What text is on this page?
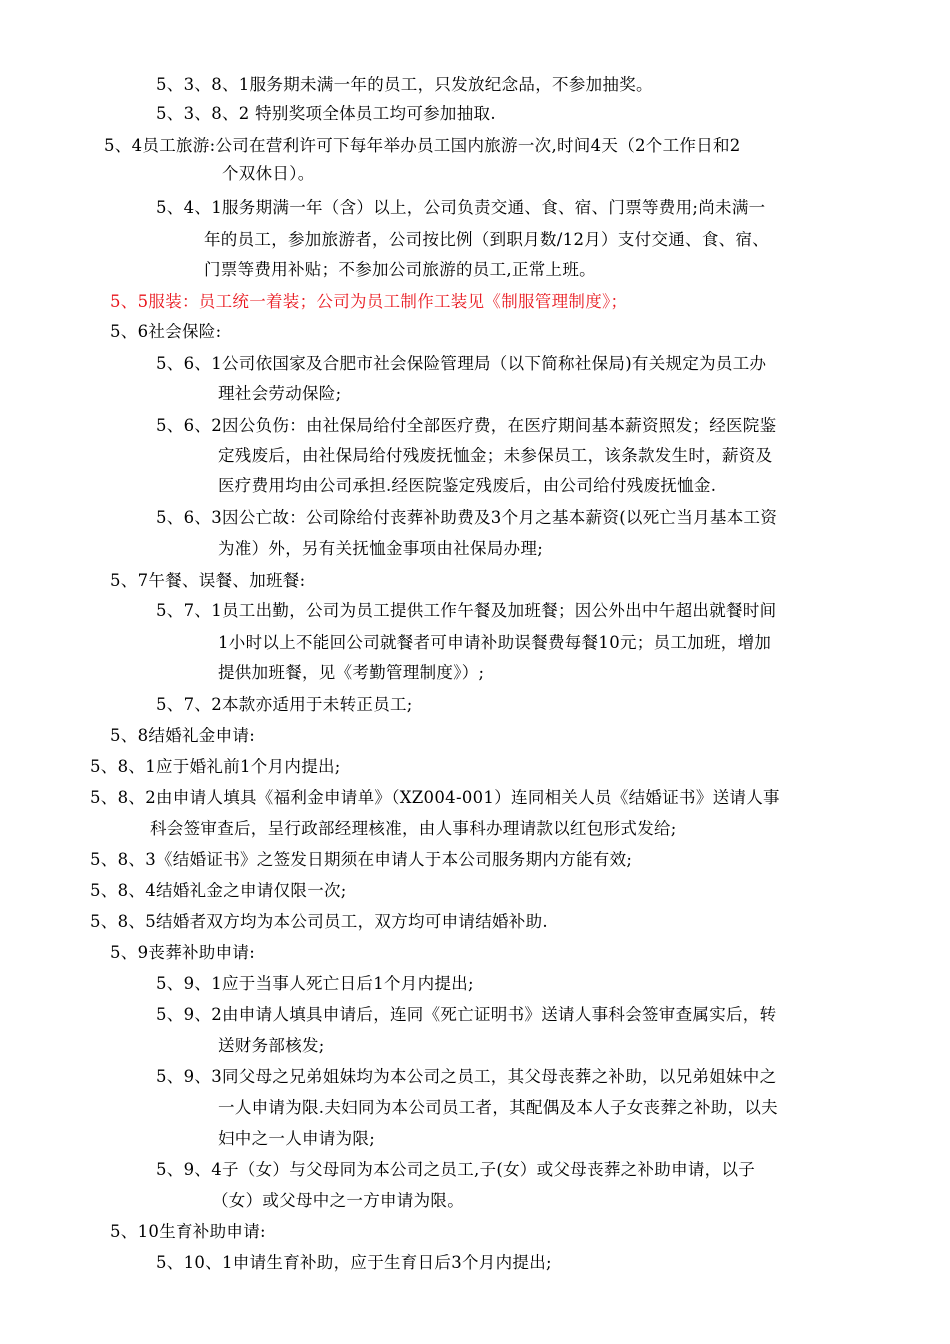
5、3、8、1服务期未满一年的员工，只发放纪念品，不参加抽奖。
5、3、8、2 特别奖项全体员工均可参加抽取.
5、4员工旅游:公司在营利许可下每年举办员工国内旅游一次,时间4天（2个工作日和2
个双休日）。
5、4、1服务期满一年（含）以上，公司负责交通、食、宿、门票等费用;尚未满一
年的员工，参加旅游者，公司按比例（到职月数/12月）支付交通、食、宿、
门票等费用补贴；不参加公司旅游的员工,正常上班。
5、5服装：员工统一着装；公司为员工制作工装见《制服管理制度》；
5、6社会保险:
5、6、1公司依国家及合肥市社会保险管理局（以下简称社保局)有关规定为员工办
理社会劳动保险;
5、6、2因公负伤：由社保局给付全部医疗费，在医疗期间基本薪资照发；经医院鉴
定残废后，由社保局给付残废抚恤金；未参保员工，该条款发生时，薪资及
医疗费用均由公司承担.经医院鉴定残废后，由公司给付残废抚恤金.
5、6、3因公亡故：公司除给付丧葬补助费及3个月之基本薪资(以死亡当月基本工资
为准）外，另有关抚恤金事项由社保局办理;
5、7午餐、误餐、加班餐:
5、7、1员工出勤，公司为员工提供工作午餐及加班餐；因公外出中午超出就餐时间
1小时以上不能回公司就餐者可申请补助误餐费每餐10元；员工加班，增加
提供加班餐，见《考勤管理制度》）;
5、7、2本款亦适用于未转正员工;
5、8结婚礼金申请:
5、8、1应于婚礼前1个月内提出;
5、8、2由申请人填具《福利金申请单》（XZ004-001）连同相关人员《结婚证书》送请人事
科会签审查后，呈行政部经理核准，由人事科办理请款以红包形式发给;
5、8、3《结婚证书》之签发日期须在申请人于本公司服务期内方能有效;
5、8、4结婚礼金之申请仅限一次;
5、8、5结婚者双方均为本公司员工，双方均可申请结婚补助.
5、9丧葬补助申请:
5、9、1应于当事人死亡日后1个月内提出;
5、9、2由申请人填具申请后，连同《死亡证明书》送请人事科会签审查属实后，转
送财务部核发;
5、9、3同父母之兄弟姐妹均为本公司之员工，其父母丧葬之补助，以兄弟姐妹中之
一人申请为限.夫妇同为本公司员工者，其配偶及本人子女丧葬之补助，以夫
妇中之一人申请为限;
5、9、4子（女）与父母同为本公司之员工,子(女）或父母丧葬之补助申请，以子
（女）或父母中之一方申请为限。
5、10生育补助申请:
5、10、1申请生育补助，应于生育日后3个月内提出;
